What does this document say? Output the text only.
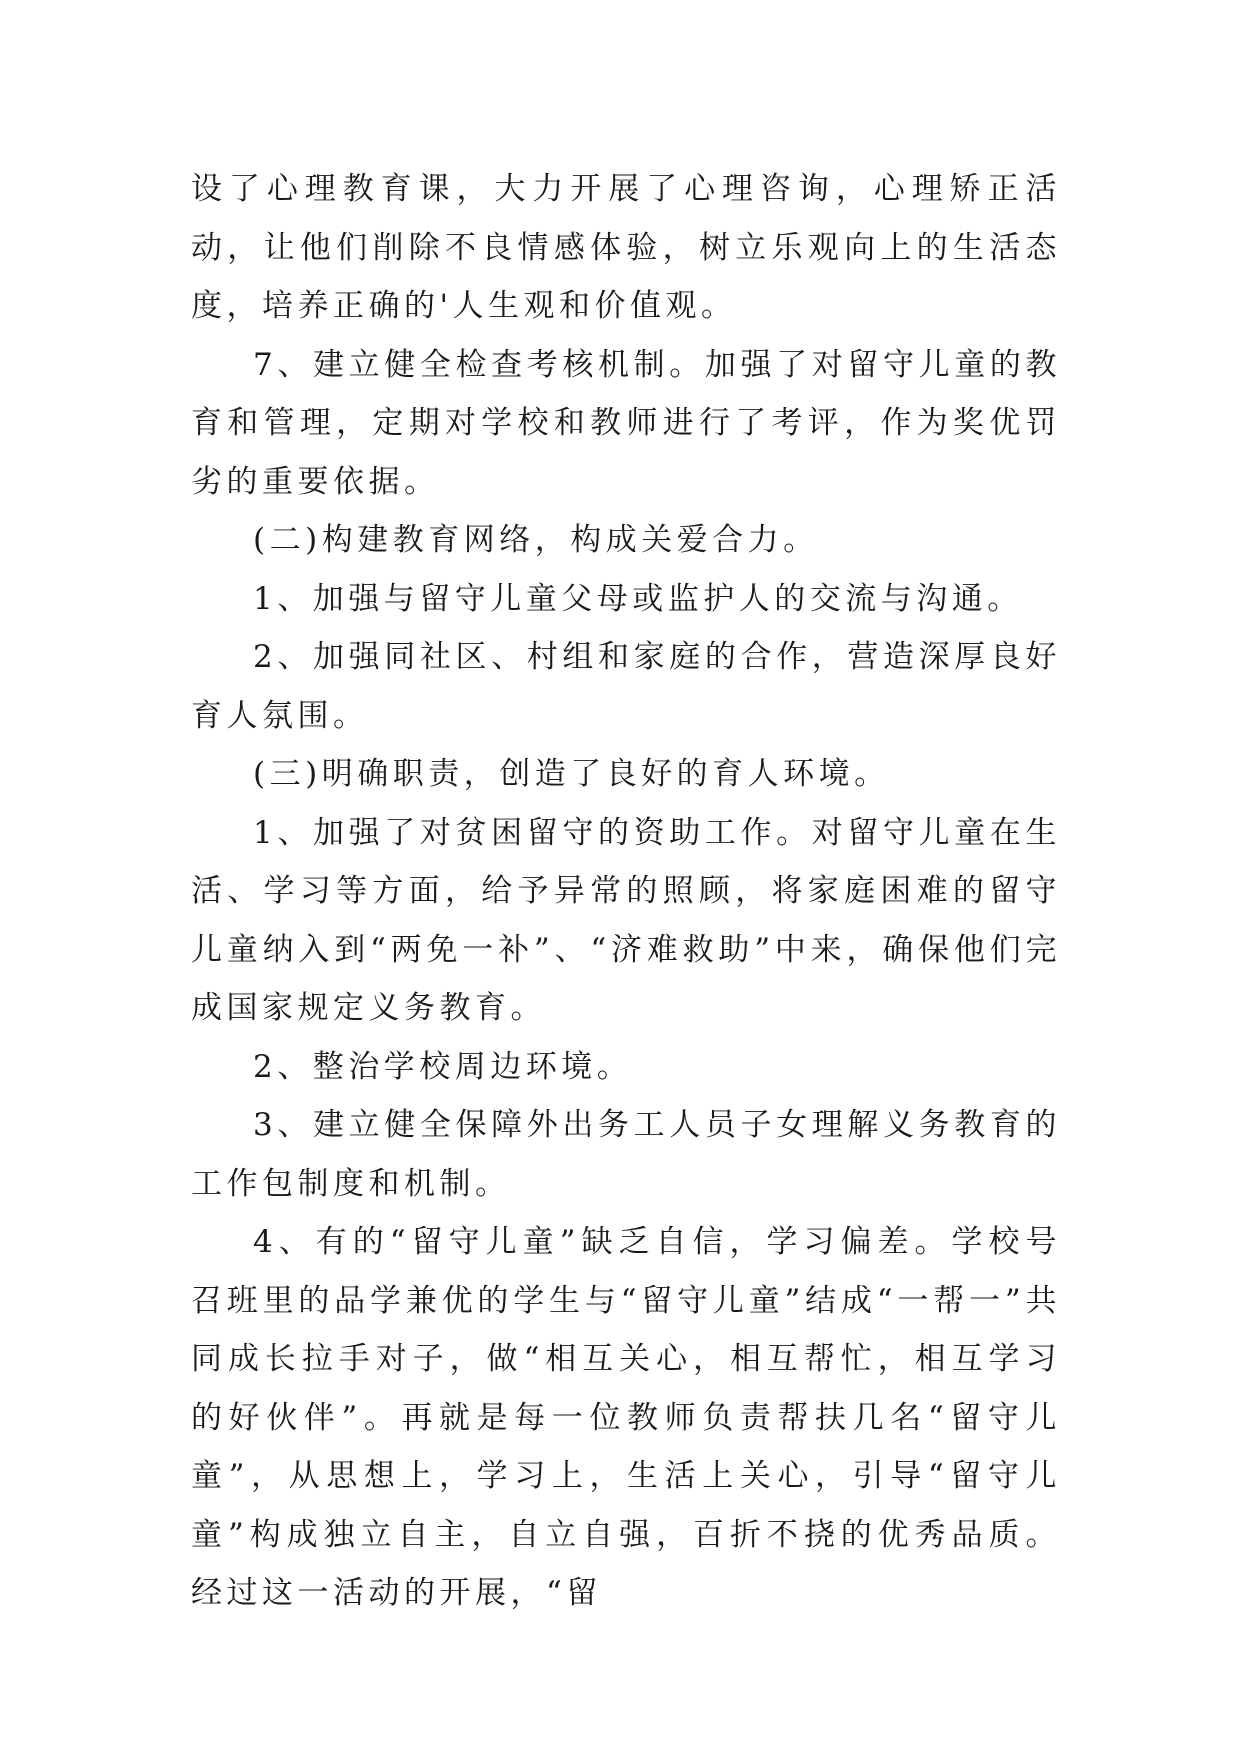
设了心理教育课，大力开展了心理咨询，心理矫正活动，让他们削除不良情感体验，树立乐观向上的生活态度，培养正确的'人生观和价值观。

7、建立健全检查考核机制。加强了对留守儿童的教育和管理，定期对学校和教师进行了考评，作为奖优罚劣的重要依据。

(二)构建教育网络，构成关爱合力。

1、加强与留守儿童父母或监护人的交流与沟通。

2、加强同社区、村组和家庭的合作，营造深厚良好育人氛围。

(三)明确职责，创造了良好的育人环境。

1、加强了对贫困留守的资助工作。对留守儿童在生活、学习等方面，给予异常的照顾，将家庭困难的留守儿童纳入到“两免一补”、“济难救助”中来，确保他们完成国家规定义务教育。

2、整治学校周边环境。

3、建立健全保障外出务工人员子女理解义务教育的工作包制度和机制。

4、有的“留守儿童”缺乏自信，学习偏差。学校号召班里的品学兼优的学生与“留守儿童”结成“一帮一”共同成长拉手对子，做“相互关心，相互帮忙，相互学习的好伙伴”。再就是每一位教师负责帮扶几名“留守儿童”，从思想上，学习上，生活上关心，引导“留守儿童”构成独立自主，自立自强，百折不挠的优秀品质。经过这一活动的开展，“留
